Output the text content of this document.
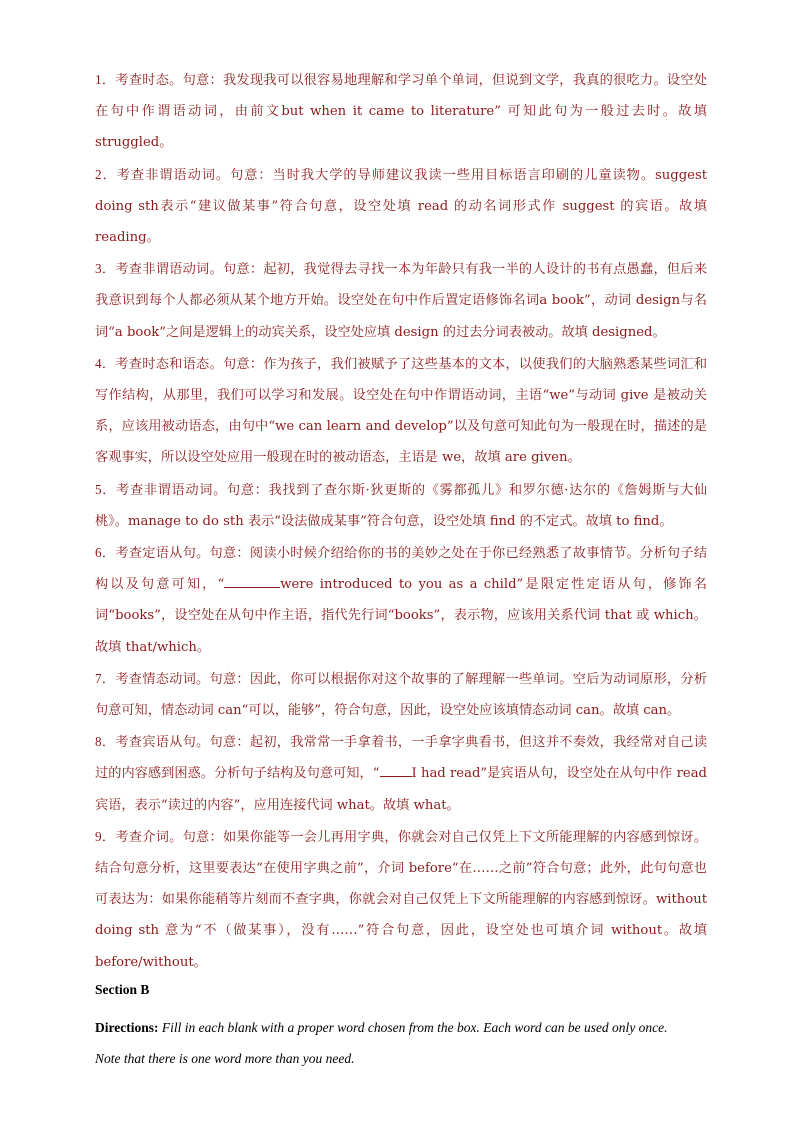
1．考查时态。句意：我发现我可以很容易地理解和学习单个单词，但说到文学，我真的很吃力。设空处在句中作谓语动词，由前文but when it came to literature” 可知此句为一般过去时。故填struggled。

2．考查非谓语动词。句意：当时我大学的导师建议我读一些用目标语言印刷的儿童读物。suggest doing sth表示“建议做某事”符合句意，设空处填 read 的动名词形式作 suggest 的宾语。故填 reading。

3．考查非谓语动词。句意：起初，我觉得去寻找一本为年龄只有我一半的人设计的书有点愚蠢，但后来我意识到每个人都必须从某个地方开始。设空处在句中作后置定语修饰名词a book”，动词 design与名词“a book”之间是逻辑上的动宾关系，设空处应填 design 的过去分词表被动。故填 designed。

4．考查时态和语态。句意：作为孩子，我们被赋予了这些基本的文本，以使我们的大脑熟悉某些词汇和写作结构，从那里，我们可以学习和发展。设空处在句中作谓语动词，主语“we”与动词 give 是被动关系，应该用被动语态，由句中“we can learn and develop”以及句意可知此句为一般现在时，描述的是客观事实，所以设空处应用一般现在时的被动语态，主语是 we，故填 are given。

5．考查非谓语动词。句意：我找到了查尔斯·狄更斯的《雾都孤儿》和罗尔德·达尔的《詹姆斯与大仙桃》。manage to do sth 表示“设法做成某事”符合句意，设空处填 find 的不定式。故填 to find。

6．考查定语从句。句意：阅读小时候介绍给你的书的美妙之处在于你已经熟悉了故事情节。分析句子结构以及句意可知，“	were introduced to you as a child”是限定性定语从句，修饰名词“books”，设空处在从句中作主语，指代先行词“books”，表示物，应该用关系代词 that 或 which。故填 that/which。

7．考查情态动词。句意：因此，你可以根据你对这个故事的了解理解一些单词。空后为动词原形，分析句意可知，情态动词 can“可以，能够”，符合句意，因此，设空处应该填情态动词 can。故填 can。

8．考查宾语从句。句意：起初，我常常一手拿着书，一手拿字典看书，但这并不奏效，我经常对自己读过的内容感到困惑。分析句子结构及句意可知，“ I had read”是宾语从句，设空处在从句中作 read宾语，表示“读过的内容”，应用连接代词 what。故填 what。

9．考查介词。句意：如果你能等一会儿再用字典，你就会对自己仅凭上下文所能理解的内容感到惊讶。结合句意分析，这里要表达“在使用字典之前”，介词 before“在……之前”符合句意；此外，此句句意也可表达为：如果你能稍等片刻而不查字典，你就会对自己仅凭上下文所能理解的内容感到惊讶。without doing sth 意为“不（做某事），没有……”符合句意，因此，设空处也可填介词 without。故填 before/without。

Section B

Directions: Fill in each blank with a proper word chosen from the box. Each word can be used only once.
Note that there is one word more than you need.
